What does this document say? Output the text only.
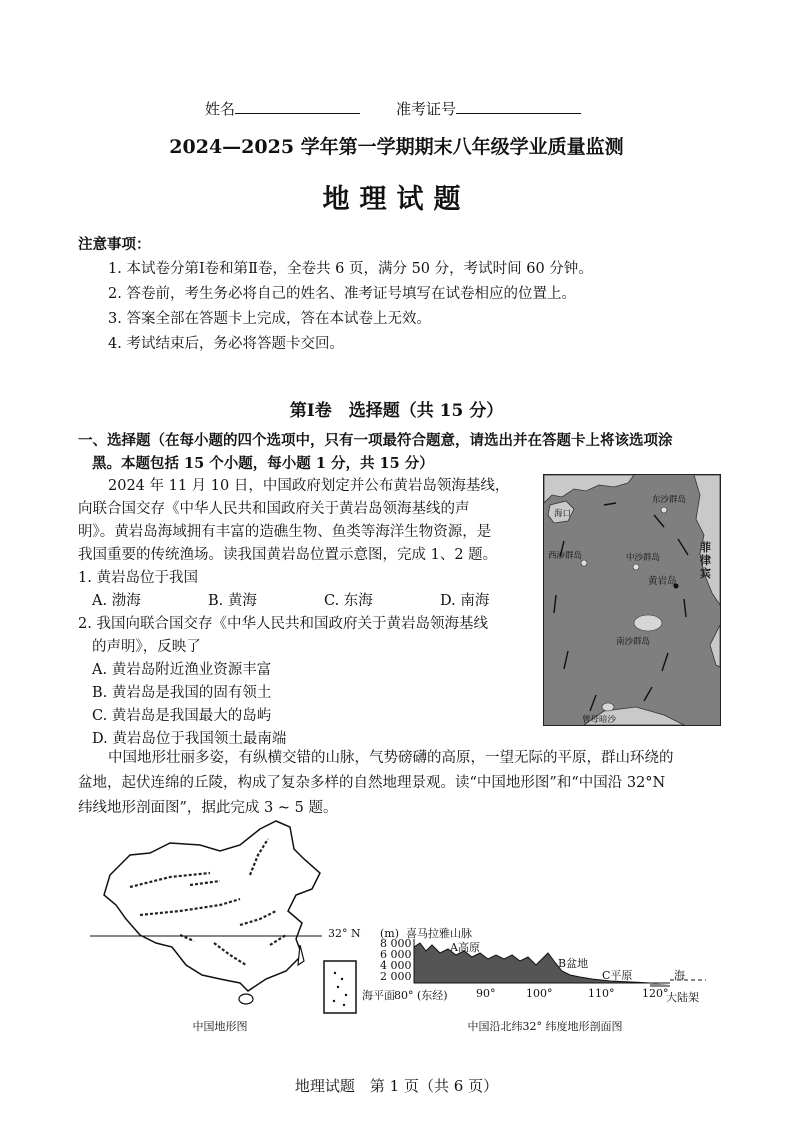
姓名	准考证号
2024—2025 学年第一学期期末八年级学业质量监测
地理试题
注意事项：
1. 本试卷分第Ⅰ卷和第Ⅱ卷，全卷共 6 页，满分 50 分，考试时间 60 分钟。
2. 答卷前，考生务必将自己的姓名、准考证号填写在试卷相应的位置上。
3. 答案全部在答题卡上完成，答在本试卷上无效。
4. 考试结束后，务必将答题卡交回。
第Ⅰ卷　选择题（共 15 分）
一、选择题（在每小题的四个选项中，只有一项最符合题意，请选出并在答题卡上将该选项涂
黑。本题包括 15 个小题，每小题 1 分，共 15 分）
2024 年 11 月 10 日，中国政府划定并公布黄岩岛领海基线，
向联合国交存《中华人民共和国政府关于黄岩岛领海基线的声
明》。黄岩岛海域拥有丰富的造礁生物、鱼类等海洋生物资源，是
我国重要的传统渔场。读我国黄岩岛位置示意图，完成 1、2 题。
1. 黄岩岛位于我国
A. 渤海	B. 黄海	C. 东海	D. 南海
2. 我国向联合国交存《中华人民共和国政府关于黄岩岛领海基线
的声明》，反映了
A. 黄岩岛附近渔业资源丰富
B. 黄岩岛是我国的固有领土
C. 黄岩岛是我国最大的岛屿
D. 黄岩岛位于我国领土最南端
东沙群岛
海口
西沙群岛	中沙群岛
黄岩岛
菲律宾
南沙群岛
曾母暗沙
中国地形壮丽多姿，有纵横交错的山脉，气势磅礴的高原，一望无际的平原，群山环绕的
盆地，起伏连绵的丘陵，构成了复杂多样的自然地理景观。读“中国地形图”和“中国沿 32°N
纬线地形剖面图”，据此完成 3 ~ 5 题。
32° N
中国地形图
(m)
8 000
6 000
4 000
2 000
喜马拉雅山脉
A高原
B盆地
C平原	海
海平面 80° (东经)	90°	100°	110°	120°
大陆架
中国沿北纬32° 纬度地形剖面图
地理试题　第 1 页（共 6 页）
